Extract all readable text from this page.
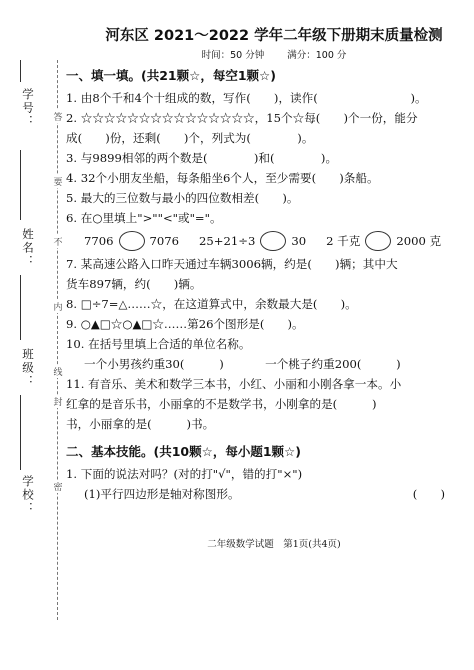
学号：
姓名：
班级：
学校：
答
要
不
内
线
封
密
河东区 2021～2022 学年二年级下册期末质量检测
时间：50 分钟 满分：100 分
一、填一填。(共21颗☆，每空1颗☆)
1. 由8个千和4个十组成的数，写作(　　)，读作(　　　　　　　　)。
2. ☆☆☆☆☆☆☆☆☆☆☆☆☆☆☆，15个☆每(　　)个一份，能分
成(　　)份，还剩(　　)个，列式为(　　　　)。
3. 与9899相邻的两个数是(　　　　)和(　　　　)。
4. 32个小朋友坐船，每条船坐6个人，至少需要(　　)条船。
5. 最大的三位数与最小的四位数相差(　　)。
6. 在○里填上">""<"或"="。
7706	7076 25+21÷3	30 2 千克	2000 克
7. 某高速公路入口昨天通过车辆3006辆，约是(　　)辆；其中大
货车897辆，约(　　)辆。
8. □÷7=△……☆，在这道算式中，余数最大是(　　)。
9. ○▲□☆○▲□☆……第26个图形是(　　)。
10. 在括号里填上合适的单位名称。
一个小男孩约重30(　　　)	一个桃子约重200(　　　)
11. 有音乐、美术和数学三本书，小红、小丽和小刚各拿一本。小
红拿的是音乐书，小丽拿的不是数学书，小刚拿的是(　　　)
书，小丽拿的是(　　　)书。
二、基本技能。(共10颗☆，每小题1颗☆)
1. 下面的说法对吗？(对的打"√"，错的打"×")
(1)平行四边形是轴对称图形。	(　　)
二年级数学试题　第1页(共4页)
